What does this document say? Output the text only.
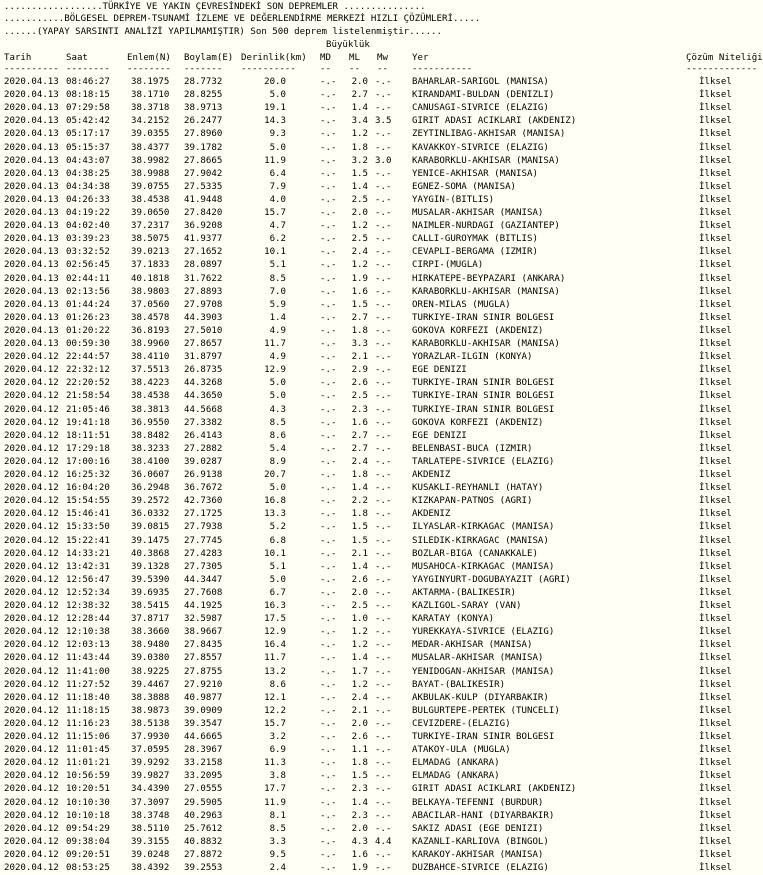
..................TÜRKİYE VE YAKIN ÇEVRESİNDEKİ SON DEPREMLER ...............
...........BÖLGESEL DEPREM-TSUNAMİ İZLEME VE DEĞERLENDİRME MERKEZİ HIZLI ÇÖZÜMLERİ.....
......(YAPAY SARSINTI ANALİZİ YAPILMAMIŞTIR) Son 500 deprem listelenmiştir......
Büyüklük
Tarih	Saat	Enlem(N) Boylam(E) Derinlik(km) MD ML Mw	Yer	Çözüm Niteliği
---------- -------- -------- ------- ----------	-- -- --	-----------	-------------
2020.04.13 08:46:27 38.1975 28.7732	20.0	-.-	2.0 -.- BAHARLAR-SARIGOL (MANISA)	İlksel
2020.04.13 08:18:15 38.1710 28.8255	5.0	-.-	2.7 -.- KIRANDAMI-BULDAN (DENIZLI)	İlksel
2020.04.13 07:29:58 38.3718 38.9713	19.1	-.-	1.4 -.- CANUSAGI-SIVRICE (ELAZIG)	İlksel
2020.04.13 05:42:42 34.2152 26.2477	14.3	-.-	3.4 3.5 GIRIT ADASI ACIKLARI (AKDENIZ)	İlksel
2020.04.13 05:17:17 39.0355 27.8960	9.3	-.-	1.2 -.- ZEYTINLIBAG-AKHISAR (MANISA)	İlksel
2020.04.13 05:15:37 38.4377 39.1782	5.0	-.-	1.8 -.- KAVAKKOY-SIVRICE (ELAZIG)	İlksel
2020.04.13 04:43:07 38.9982 27.8665	11.9	-.-	3.2 3.0 KARABORKLU-AKHISAR (MANISA)	İlksel
2020.04.13 04:38:25 38.9988 27.9042	6.4	-.-	1.5 -.- YENICE-AKHISAR (MANISA)	İlksel
2020.04.13 04:34:38 39.0755 27.5335	7.9	-.-	1.4 -.- EGNEZ-SOMA (MANISA)	İlksel
2020.04.13 04:26:33 38.4538 41.9448	4.0	-.-	2.5 -.- YAYGIN-(BITLIS)	İlksel
2020.04.13 04:19:22 39.0650 27.8420	15.7	-.-	2.0 -.- MUSALAR-AKHISAR (MANISA)	İlksel
2020.04.13 04:02:40 37.2317 36.9208	4.7	-.-	1.2 -.- NAIMLER-NURDAGI (GAZIANTEP)	İlksel
2020.04.13 03:39:23 38.5075 41.9377	6.2	-.-	2.5 -.- CALLI-GUROYMAK (BITLIS)	İlksel
2020.04.13 03:32:52 39.0213 27.1652	10.1	-.-	2.4 -.- CEVAPLI-BERGAMA (IZMIR)	İlksel
2020.04.13 02:56:45 37.1833 28.0897	5.1	-.-	1.2 -.- CIRPI-(MUGLA)	İlksel
2020.04.13 02:44:11 40.1818 31.7622	8.5	-.-	1.9 -.- HIRKATEPE-BEYPAZARI (ANKARA)	İlksel
2020.04.13 02:13:56 38.9803 27.8893	7.0	-.-	1.6 -.- KARABORKLU-AKHISAR (MANISA)	İlksel
2020.04.13 01:44:24 37.0560 27.9708	5.9	-.-	1.5 -.- OREN-MILAS (MUGLA)	İlksel
2020.04.13 01:26:23 38.4578 44.3903	1.4	-.-	2.7 -.- TURKIYE-IRAN SINIR BOLGESI	İlksel
2020.04.13 01:20:22 36.8193 27.5010	4.9	-.-	1.8 -.- GOKOVA KORFEZI (AKDENIZ)	İlksel
2020.04.13 00:59:30 38.9960 27.8657	11.7	-.-	3.3 -.- KARABORKLU-AKHISAR (MANISA)	İlksel
2020.04.12 22:44:57 38.4110 31.8797	4.9	-.-	2.1 -.- YORAZLAR-ILGIN (KONYA)	İlksel
2020.04.12 22:32:12 37.5513 26.8735	12.9	-.-	2.9 -.- EGE DENIZI	İlksel
2020.04.12 22:20:52 38.4223 44.3268	5.0	-.-	2.6 -.- TURKIYE-IRAN SINIR BOLGESI	İlksel
2020.04.12 21:58:54 38.4538 44.3650	5.0	-.-	2.5 -.- TURKIYE-IRAN SINIR BOLGESI	İlksel
2020.04.12 21:05:46 38.3813 44.5668	4.3	-.-	2.3 -.- TURKIYE-IRAN SINIR BOLGESI	İlksel
2020.04.12 19:41:18 36.9550 27.3382	8.5	-.-	1.6 -.- GOKOVA KORFEZI (AKDENIZ)	İlksel
2020.04.12 18:11:51 38.8482 26.4143	8.6	-.-	2.7 -.- EGE DENIZI	İlksel
2020.04.12 17:29:18 38.3233 27.2882	5.4	-.-	2.7 -.- BELENBASI-BUCA (IZMIR)	İlksel
2020.04.12 17:00:16 38.4100 39.0287	8.9	-.-	2.4 -.- TARLATEPE-SIVRICE (ELAZIG)	İlksel
2020.04.12 16:25:32 36.0607 26.9138	20.7	-.-	1.8 -.- AKDENIZ	İlksel
2020.04.12 16:04:20 36.2948 36.7672	5.0	-.-	1.4 -.- KUSAKLI-REYHANLI (HATAY)	İlksel
2020.04.12 15:54:55 39.2572 42.7360	16.8	-.-	2.2 -.- KIZKAPAN-PATNOS (AGRI)	İlksel
2020.04.12 15:46:41 36.0332 27.1725	13.3	-.-	1.8 -.- AKDENIZ	İlksel
2020.04.12 15:33:50 39.0815 27.7938	5.2	-.-	1.5 -.- ILYASLAR-KIRKAGAC (MANISA)	İlksel
2020.04.12 15:22:41 39.1475 27.7745	6.8	-.-	1.5 -.- SILEDIK-KIRKAGAC (MANISA)	İlksel
2020.04.12 14:33:21 40.3868 27.4283	10.1	-.-	2.1 -.- BOZLAR-BIGA (CANAKKALE)	İlksel
2020.04.12 13:42:31 39.1328 27.7305	5.1	-.-	1.4 -.- MUSAHOCA-KIRKAGAC (MANISA)	İlksel
2020.04.12 12:56:47 39.5390 44.3447	5.0	-.-	2.6 -.- YAYGINYURT-DOGUBAYAZIT (AGRI)	İlksel
2020.04.12 12:52:34 39.6935 27.7608	6.7	-.-	2.0 -.- AKTARMA-(BALIKESIR)	İlksel
2020.04.12 12:38:32 38.5415 44.1925	16.3	-.-	2.5 -.- KAZLIGOL-SARAY (VAN)	İlksel
2020.04.12 12:28:44 37.8717 32.5987	17.5	-.-	1.0 -.- KARATAY (KONYA)	İlksel
2020.04.12 12:10:38 38.3660 38.9667	12.9	-.-	1.2 -.- YUREKKAYA-SIVRICE (ELAZIG)	İlksel
2020.04.12 12:03:13 38.9480 27.8435	16.4	-.-	1.2 -.- MEDAR-AKHISAR (MANISA)	İlksel
2020.04.12 11:43:44 39.0380 27.8557	11.7	-.-	1.4 -.- MUSALAR-AKHISAR (MANISA)	İlksel
2020.04.12 11:41:00 38.9225 27.8755	13.2	-.-	1.7 -.- YENIDOGAN-AKHISAR (MANISA)	İlksel
2020.04.12 11:27:52 39.4467 27.9210	8.6	-.-	1.2 -.- BAYAT-(BALIKESIR)	İlksel
2020.04.12 11:18:40 38.3888 40.9877	12.1	-.-	2.4 -.- AKBULAK-KULP (DIYARBAKIR)	İlksel
2020.04.12 11:18:15 38.9873 39.0909	12.2	-.-	2.1 -.- BULGURTEPE-PERTEK (TUNCELI)	İlksel
2020.04.12 11:16:23 38.5138 39.3547	15.7	-.-	2.0 -.- CEVIZDERE-(ELAZIG)	İlksel
2020.04.12 11:15:06 37.9930 44.6665	3.2	-.-	2.6 -.- TURKIYE-IRAN SINIR BOLGESI	İlksel
2020.04.12 11:01:45 37.0595 28.3967	6.9	-.-	1.1 -.- ATAKOY-ULA (MUGLA)	İlksel
2020.04.12 11:01:21 39.9292 33.2158	11.3	-.-	1.8 -.- ELMADAG (ANKARA)	İlksel
2020.04.12 10:56:59 39.9827 33.2095	3.8	-.-	1.5 -.- ELMADAG (ANKARA)	İlksel
2020.04.12 10:20:51 34.4390 27.0555	17.7	-.-	2.3 -.- GIRIT ADASI ACIKLARI (AKDENIZ)	İlksel
2020.04.12 10:10:30 37.3097 29.5905	11.9	-.-	1.4 -.- BELKAYA-TEFENNI (BURDUR)	İlksel
2020.04.12 10:10:18 38.3748 40.2963	8.1	-.-	2.3 -.- ABACILAR-HANI (DIYARBAKIR)	İlksel
2020.04.12 09:54:29 38.5110 25.7612	8.5	-.-	2.0 -.- SAKIZ ADASI (EGE DENIZI)	İlksel
2020.04.12 09:38:04 39.3155 40.8832	3.3	-.-	4.3 4.4 KAZANLI-KARLIOVA (BINGOL)	İlksel
2020.04.12 09:20:51 39.0248 27.8872	9.5	-.-	1.6 -.- KARAKOY-AKHISAR (MANISA)	İlksel
2020.04.12 08:53:25 38.4392 39.2553	2.4	-.-	1.9 -.- DUZBAHCE-SIVRICE (ELAZIG)	İlksel
